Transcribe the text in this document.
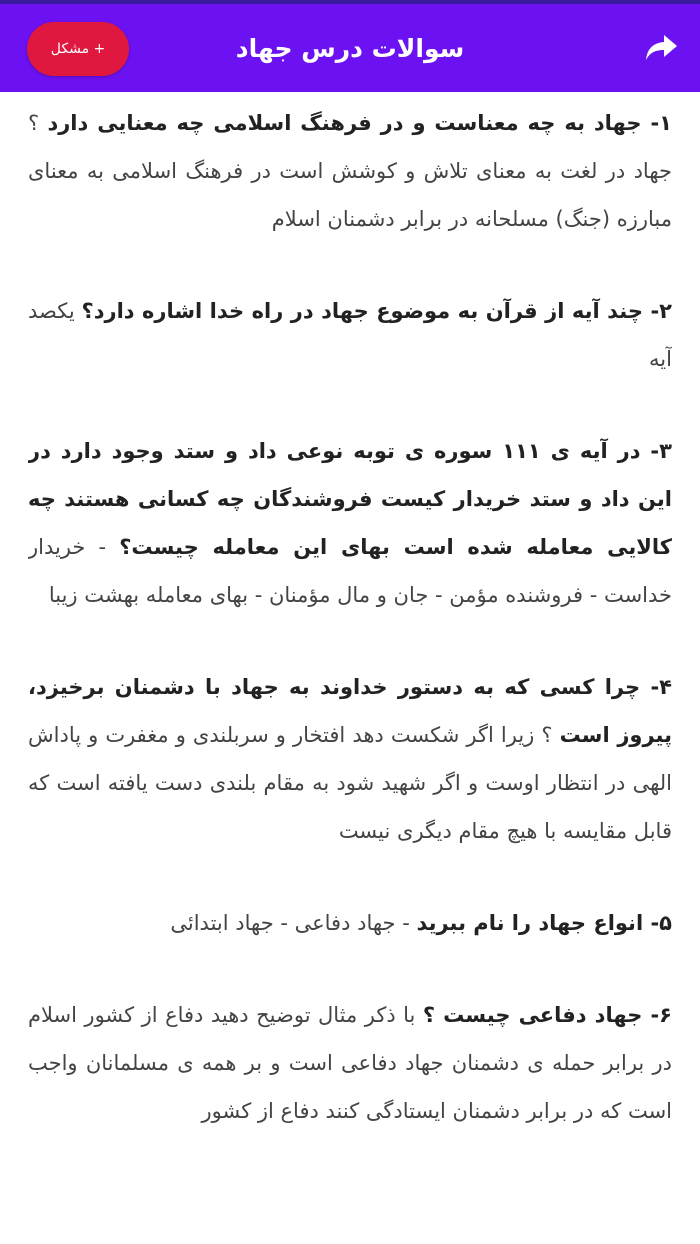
سوالات درس جهاد
+ مشکل

۱- جهاد به چه معناست و در فرهنگ اسلامی چه معنایی دارد ؟ جهاد در لغت به معنای تلاش و کوشش است در فرهنگ اسلامی به معنای مبارزه (جنگ) مسلحانه در برابر دشمنان اسلام

۲- چند آیه از قرآن به موضوع جهاد در راه خدا اشاره دارد؟ یکصد آیه

۳- در آیه ی ۱۱۱ سوره ی توبه نوعی داد و ستد وجود دارد در این داد و ستد خریدار کیست فروشندگان چه کسانی هستند چه کالایی معامله شده است بهای این معامله چیست؟ - خریدار خداست - فروشنده مؤمن - جان و مال مؤمنان - بهای معامله بهشت زیبا

۴- چرا کسی که به دستور خداوند به جهاد با دشمنان برخیزد، پیروز است ؟ زیرا اگر شکست دهد افتخار و سربلندی و مغفرت و پاداش الهی در انتظار اوست و اگر شهید شود به مقام بلندی دست یافته است که قابل مقایسه با هیچ مقام دیگری نیست

۵- انواع جهاد را نام ببرید - جهاد دفاعی - جهاد ابتدائی

۶- جهاد دفاعی چیست ؟ با ذکر مثال توضیح دهید دفاع از کشور اسلام در برابر حمله ی دشمنان جهاد دفاعی است و بر همه ی مسلمانان واجب است که در برابر دشمنان ایستادگی کنند دفاع از کشور
